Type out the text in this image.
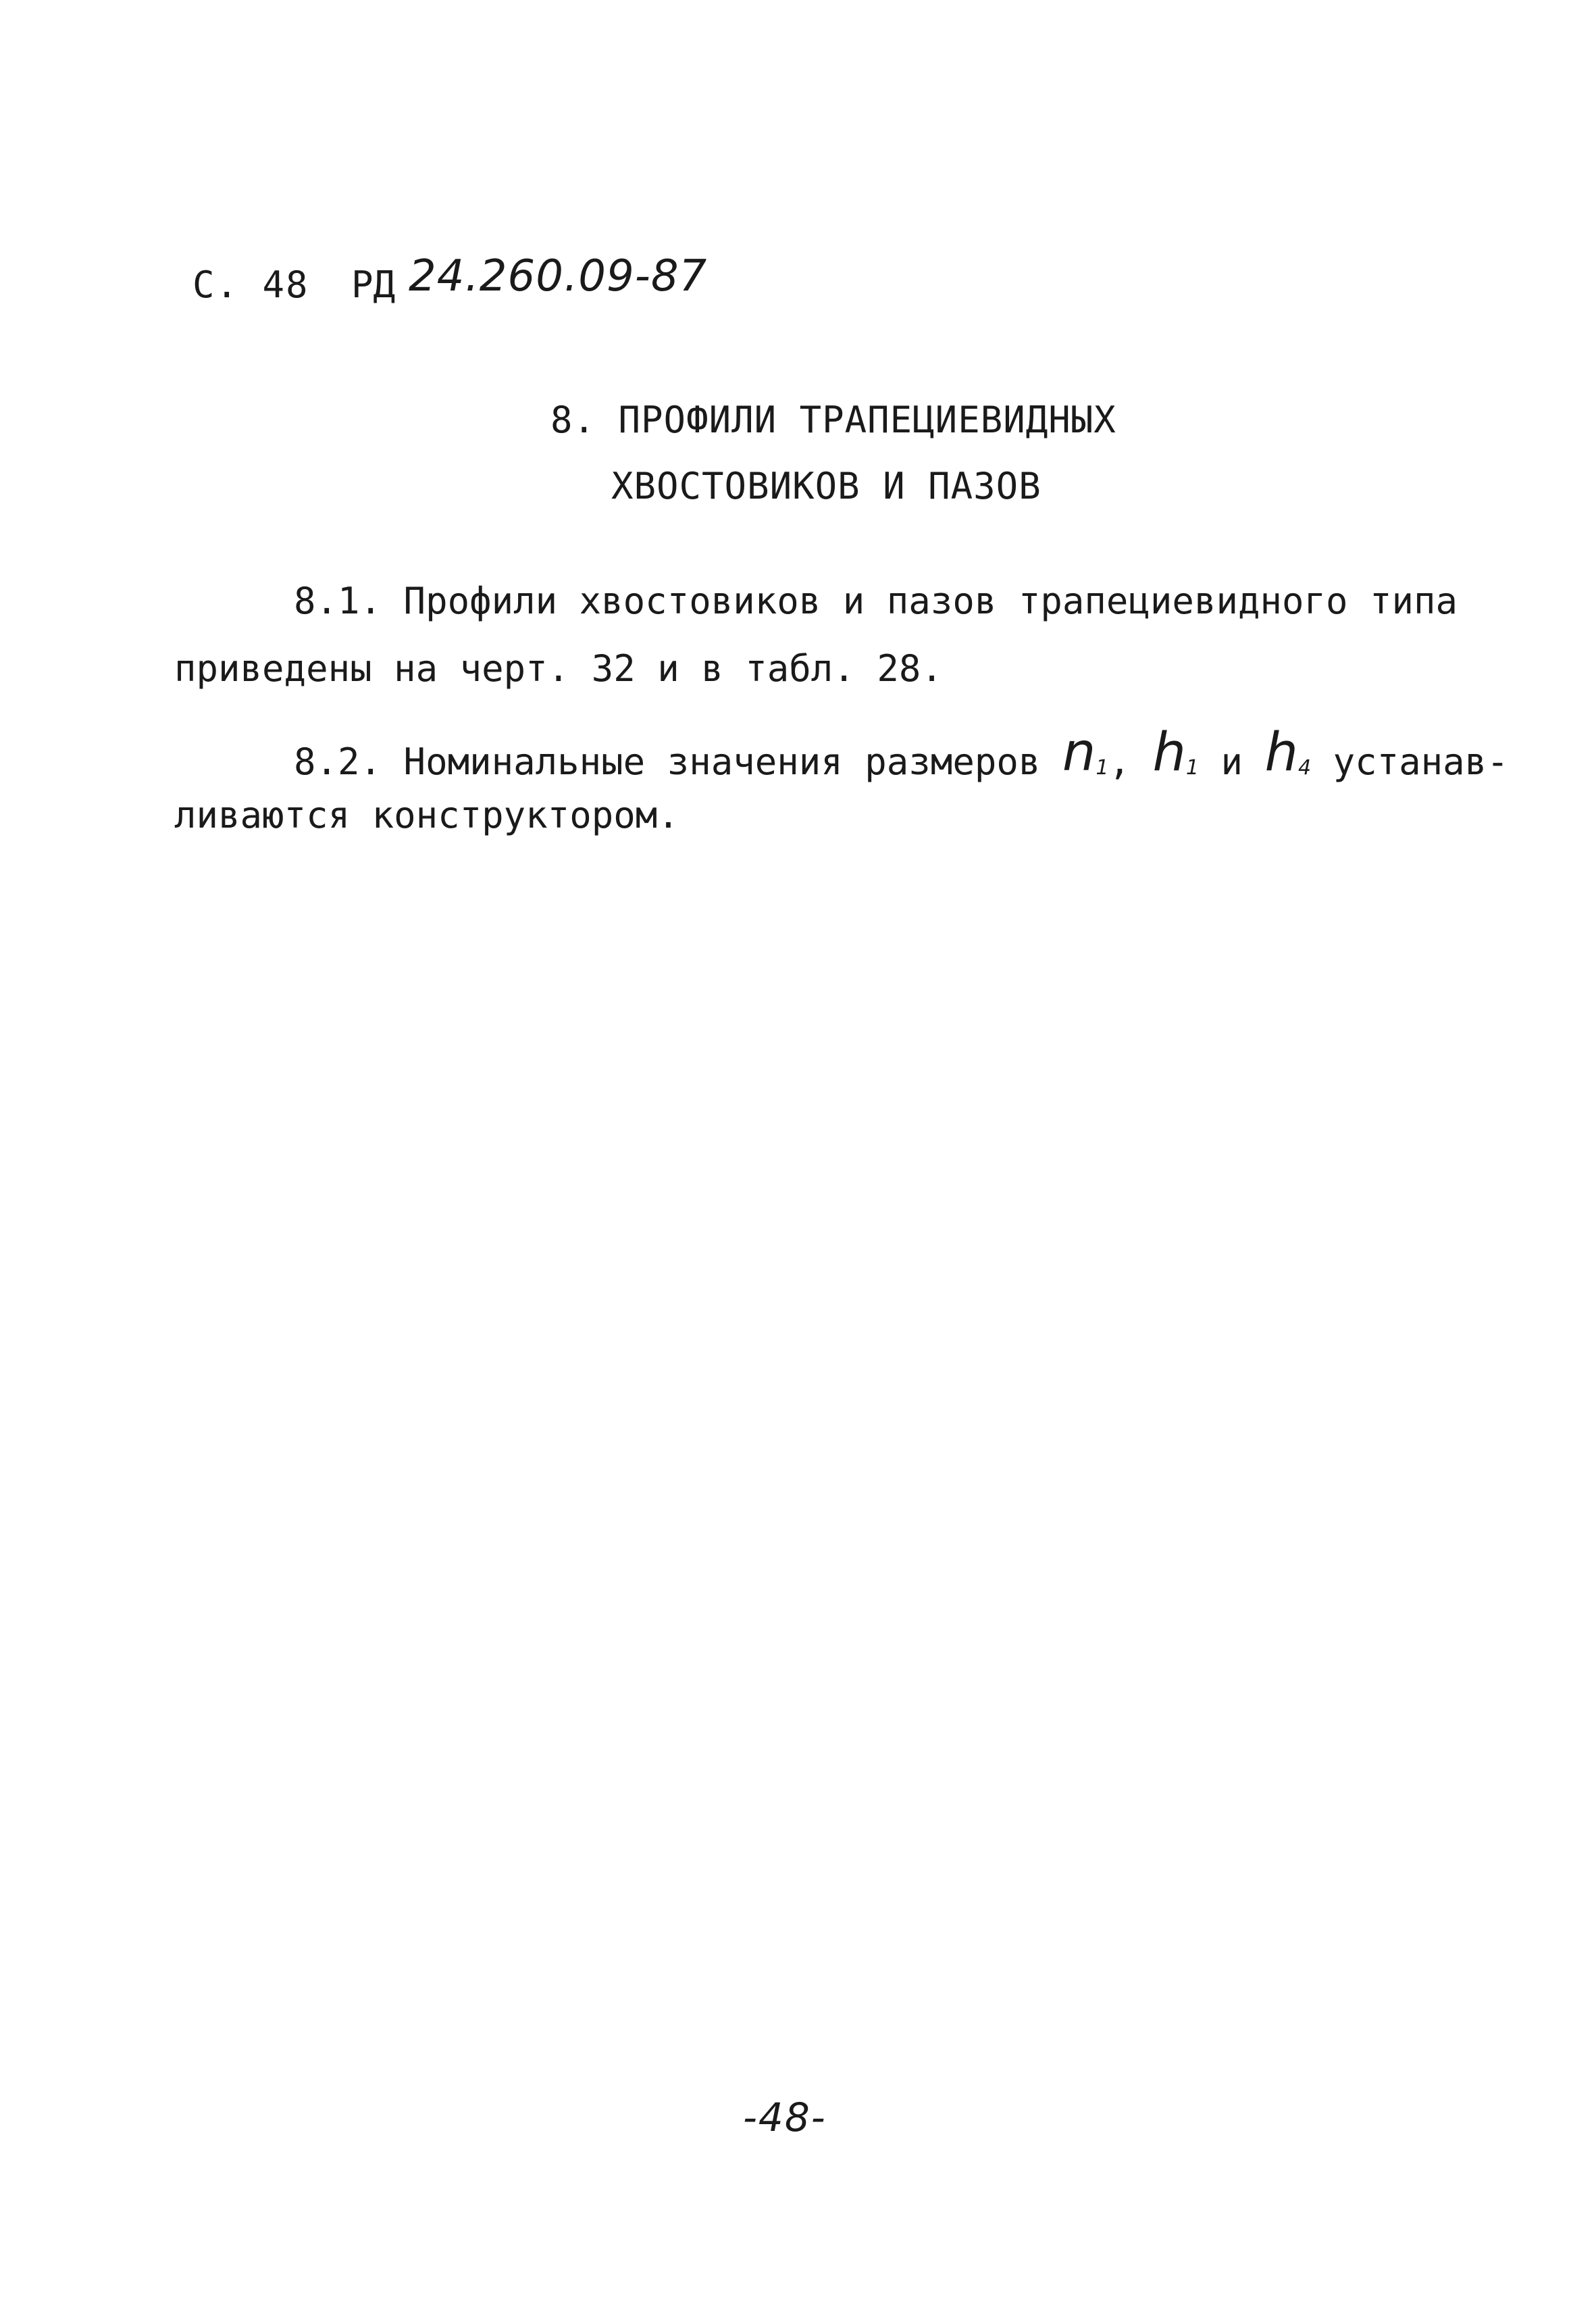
С. 48 РД 24.260.09-87
8. ПРОФИЛИ ТРАПЕЦИЕВИДНЫХ
ХВОСТОВИКОВ И ПАЗОВ
8.1. Профили хвостовиков и пазов трапециевидного типа
приведены на черт. 32 и в табл. 28.
8.2. Номинальные значения размеров n1, h1 и h4 устанав-
ливаются конструктором.
-48-
